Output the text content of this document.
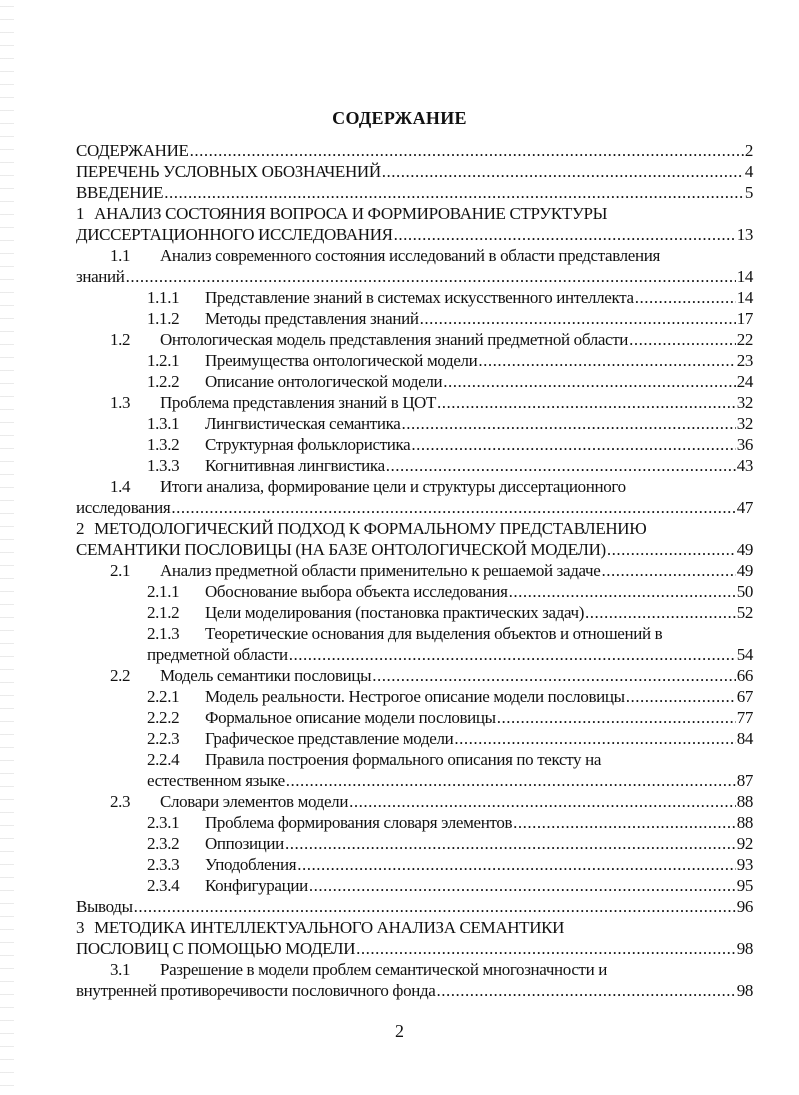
СОДЕРЖАНИЕ
СОДЕРЖАНИЕ .....	2
ПЕРЕЧЕНЬ УСЛОВНЫХ ОБОЗНАЧЕНИЙ .....	4
ВВЕДЕНИЕ .....	5
1 АНАЛИЗ СОСТОЯНИЯ ВОПРОСА И ФОРМИРОВАНИЕ СТРУКТУРЫ
ДИССЕРТАЦИОННОГО ИССЛЕДОВАНИЯ .....	13
1.1	Анализ современного состояния исследований в области представления
знаний .....	14
1.1.1	Представление знаний в системах искусственного интеллекта .....	14
1.1.2	Методы представления знаний .....	17
1.2	Онтологическая модель представления знаний предметной области .....	22
1.2.1	Преимущества онтологической модели .....	23
1.2.2	Описание онтологической модели .....	24
1.3	Проблема представления знаний в ЦОТ .....	32
1.3.1	Лингвистическая семантика .....	32
1.3.2	Структурная фольклористика .....	36
1.3.3	Когнитивная лингвистика .....	43
1.4	Итоги анализа, формирование цели и структуры диссертационного
исследования .....	47
2 МЕТОДОЛОГИЧЕСКИЙ ПОДХОД К ФОРМАЛЬНОМУ ПРЕДСТАВЛЕНИЮ
СЕМАНТИКИ ПОСЛОВИЦЫ (НА БАЗЕ ОНТОЛОГИЧЕСКОЙ МОДЕЛИ) .....	49
2.1	Анализ предметной области применительно к решаемой задаче .....	49
2.1.1	Обоснование выбора объекта исследования .....	50
2.1.2	Цели моделирования (постановка практических задач) .....	52
2.1.3	Теоретические основания для выделения объектов и отношений в
предметной области .....	54
2.2	Модель семантики пословицы .....	66
2.2.1	Модель реальности. Нестрогое описание модели пословицы .....	67
2.2.2	Формальное описание модели пословицы .....	77
2.2.3	Графическое представление модели .....	84
2.2.4	Правила построения формального описания по тексту на
естественном языке .....	87
2.3	Словари элементов модели .....	88
2.3.1	Проблема формирования словаря элементов .....	88
2.3.2	Оппозиции .....	92
2.3.3	Уподобления .....	93
2.3.4	Конфигурации .....	95
Выводы .....	96
3 МЕТОДИКА ИНТЕЛЛЕКТУАЛЬНОГО АНАЛИЗА СЕМАНТИКИ
ПОСЛОВИЦ С ПОМОЩЬЮ МОДЕЛИ .....	98
3.1	Разрешение в модели проблем семантической многозначности и
внутренней противоречивости пословичного фонда .....	98
2
